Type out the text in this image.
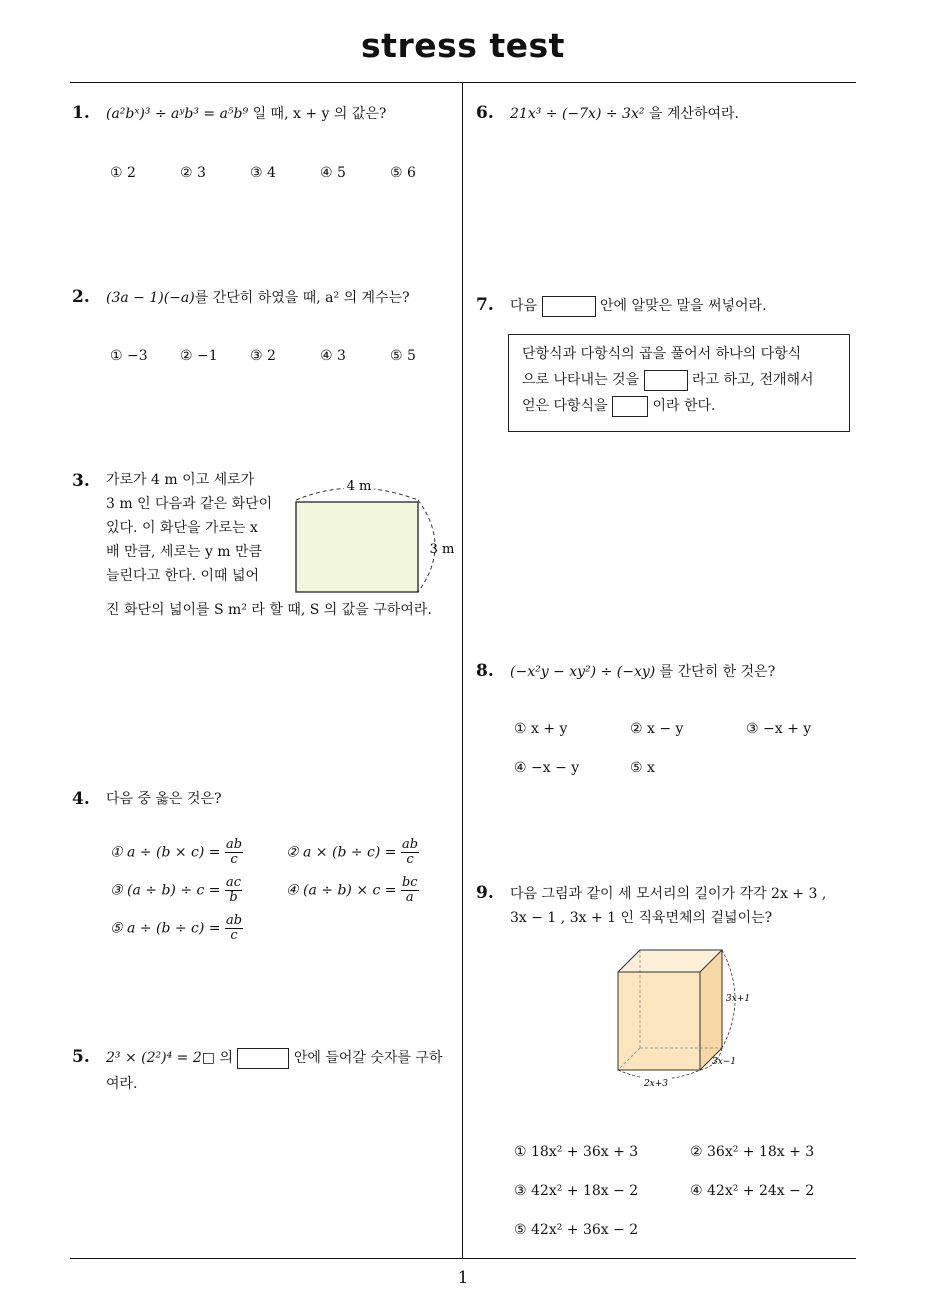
stress test
1
1. (a²bˣ)³ ÷ aʸb³ = a⁵b⁹ 일 때, x + y 의 값은?
① 2	② 3	③ 4	④ 5	⑤ 6
2. (3a − 1)(−a)를 간단히 하였을 때, a² 의 계수는?
① −3 ② −1 ③ 2	④ 3	⑤ 5
3. 가로가 4 m 이고 세로가
3 m 인 다음과 같은 화단이
있다. 이 화단을 가로는 x
배 만큼, 세로는 y m 만큼
늘린다고 한다. 이때 넓어
진 화단의 넓이를 S m² 라 할 때, S 의 값을 구하여라.
4 m
3 m
4. 다음 중 옳은 것은?
① $a \div (b \times c) = \frac{ab}{c}$	② $a \times (b \div c) = \frac{ab}{c}$
③ $(a \div b) \div c = \frac{ac}{b}$	④ $(a \div b) \times c = \frac{bc}{a}$
⑤ $a \div (b \div c) = \frac{ab}{c}$
5. 2³ × (2²)⁴ = 2□ 의	안에 들어갈 숫자를 구하
여라.
6. 21x³ ÷ (−7x) ÷ 3x² 을 계산하여라.
7. 다음	안에 알맞은 말을 써넣어라.
단항식과 다항식의 곱을 풀어서 하나의 다항식
으로 나타내는 것을	라고 하고, 전개해서
얻은 다항식을	이라 한다.
8. (−x²y − xy²) ÷ (−xy) 를 간단히 한 것은?
① x + y	② x − y	③ −x + y
④ −x − y	⑤ x
9. 다음 그림과 같이 세 모서리의 길이가 각각 2x + 3 ,
3x − 1 , 3x + 1 인 직육면체의 겉넓이는?
3x+1
3x−1
2x+3
① 18x² + 36x + 3	② 36x² + 18x + 3
③ 42x² + 18x − 2	④ 42x² + 24x − 2
⑤ 42x² + 36x − 2
